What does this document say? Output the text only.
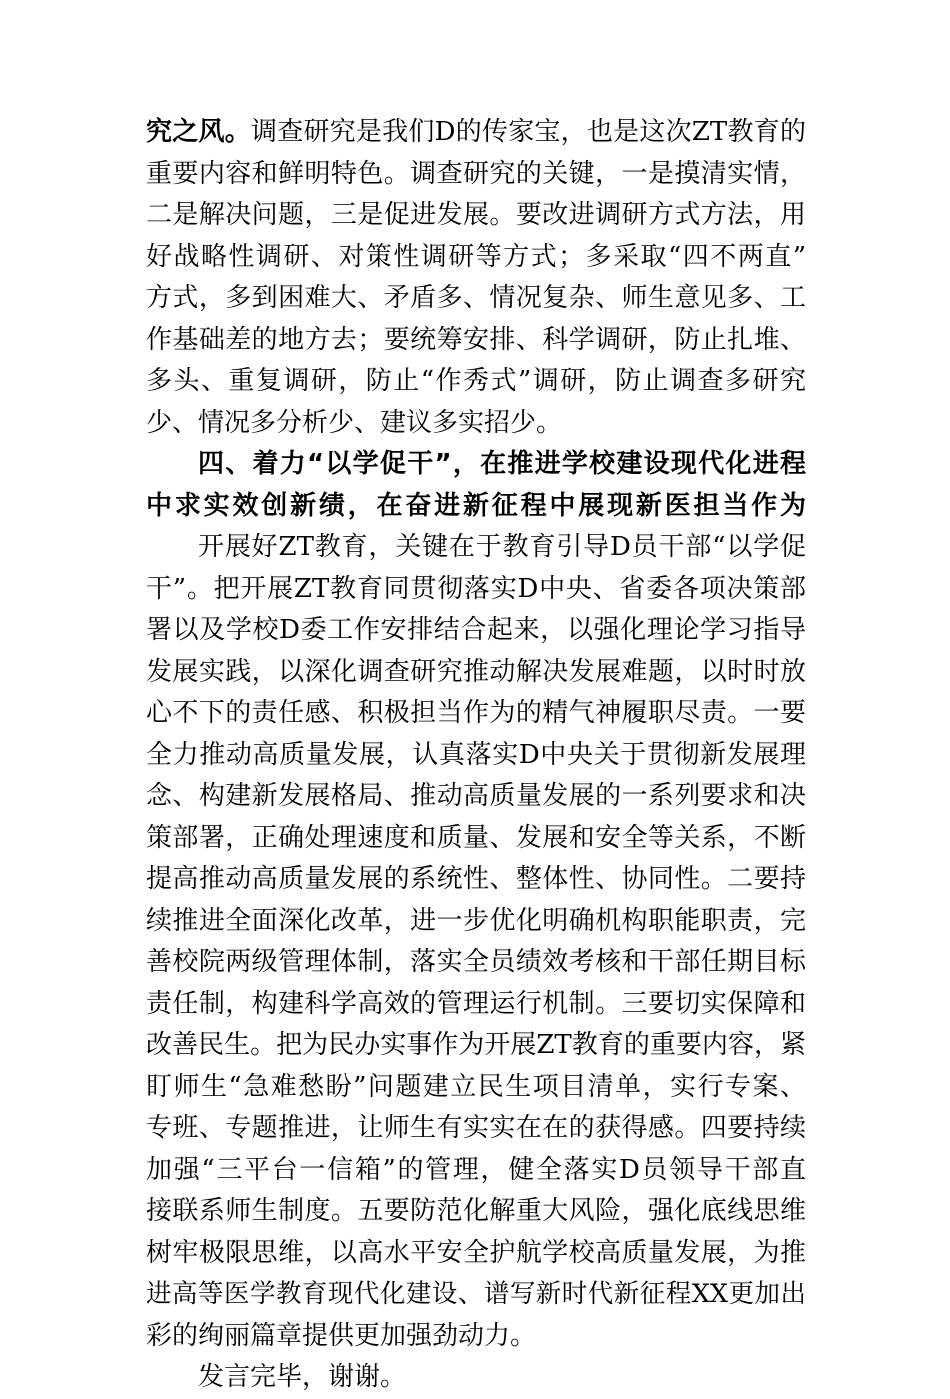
究之风。调查研究是我们D的传家宝，也是这次ZT教育的
重要内容和鲜明特色。调查研究的关键，一是摸清实情，
二是解决问题，三是促进发展。要改进调研方式方法，用
好战略性调研、对策性调研等方式；多采取“四不两直”
方式，多到困难大、矛盾多、情况复杂、师生意见多、工
作基础差的地方去；要统筹安排、科学调研，防止扎堆、
多头、重复调研，防止“作秀式”调研，防止调查多研究
少、情况多分析少、建议多实招少。
四、着力“以学促干”，在推进学校建设现代化进程
中求实效创新绩，在奋进新征程中展现新医担当作为
开展好ZT教育，关键在于教育引导D员干部“以学促
干”。把开展ZT教育同贯彻落实D中央、省委各项决策部
署以及学校D委工作安排结合起来，以强化理论学习指导
发展实践，以深化调查研究推动解决发展难题，以时时放
心不下的责任感、积极担当作为的精气神履职尽责。一要
全力推动高质量发展，认真落实D中央关于贯彻新发展理
念、构建新发展格局、推动高质量发展的一系列要求和决
策部署，正确处理速度和质量、发展和安全等关系，不断
提高推动高质量发展的系统性、整体性、协同性。二要持
续推进全面深化改革，进一步优化明确机构职能职责，完
善校院两级管理体制，落实全员绩效考核和干部任期目标
责任制，构建科学高效的管理运行机制。三要切实保障和
改善民生。把为民办实事作为开展ZT教育的重要内容，紧
盯师生“急难愁盼”问题建立民生项目清单，实行专案、
专班、专题推进，让师生有实实在在的获得感。四要持续
加强“三平台一信箱”的管理，健全落实D员领导干部直
接联系师生制度。五要防范化解重大风险，强化底线思维
树牢极限思维，以高水平安全护航学校高质量发展，为推
进高等医学教育现代化建设、谱写新时代新征程XX更加出
彩的绚丽篇章提供更加强劲动力。
发言完毕，谢谢。
